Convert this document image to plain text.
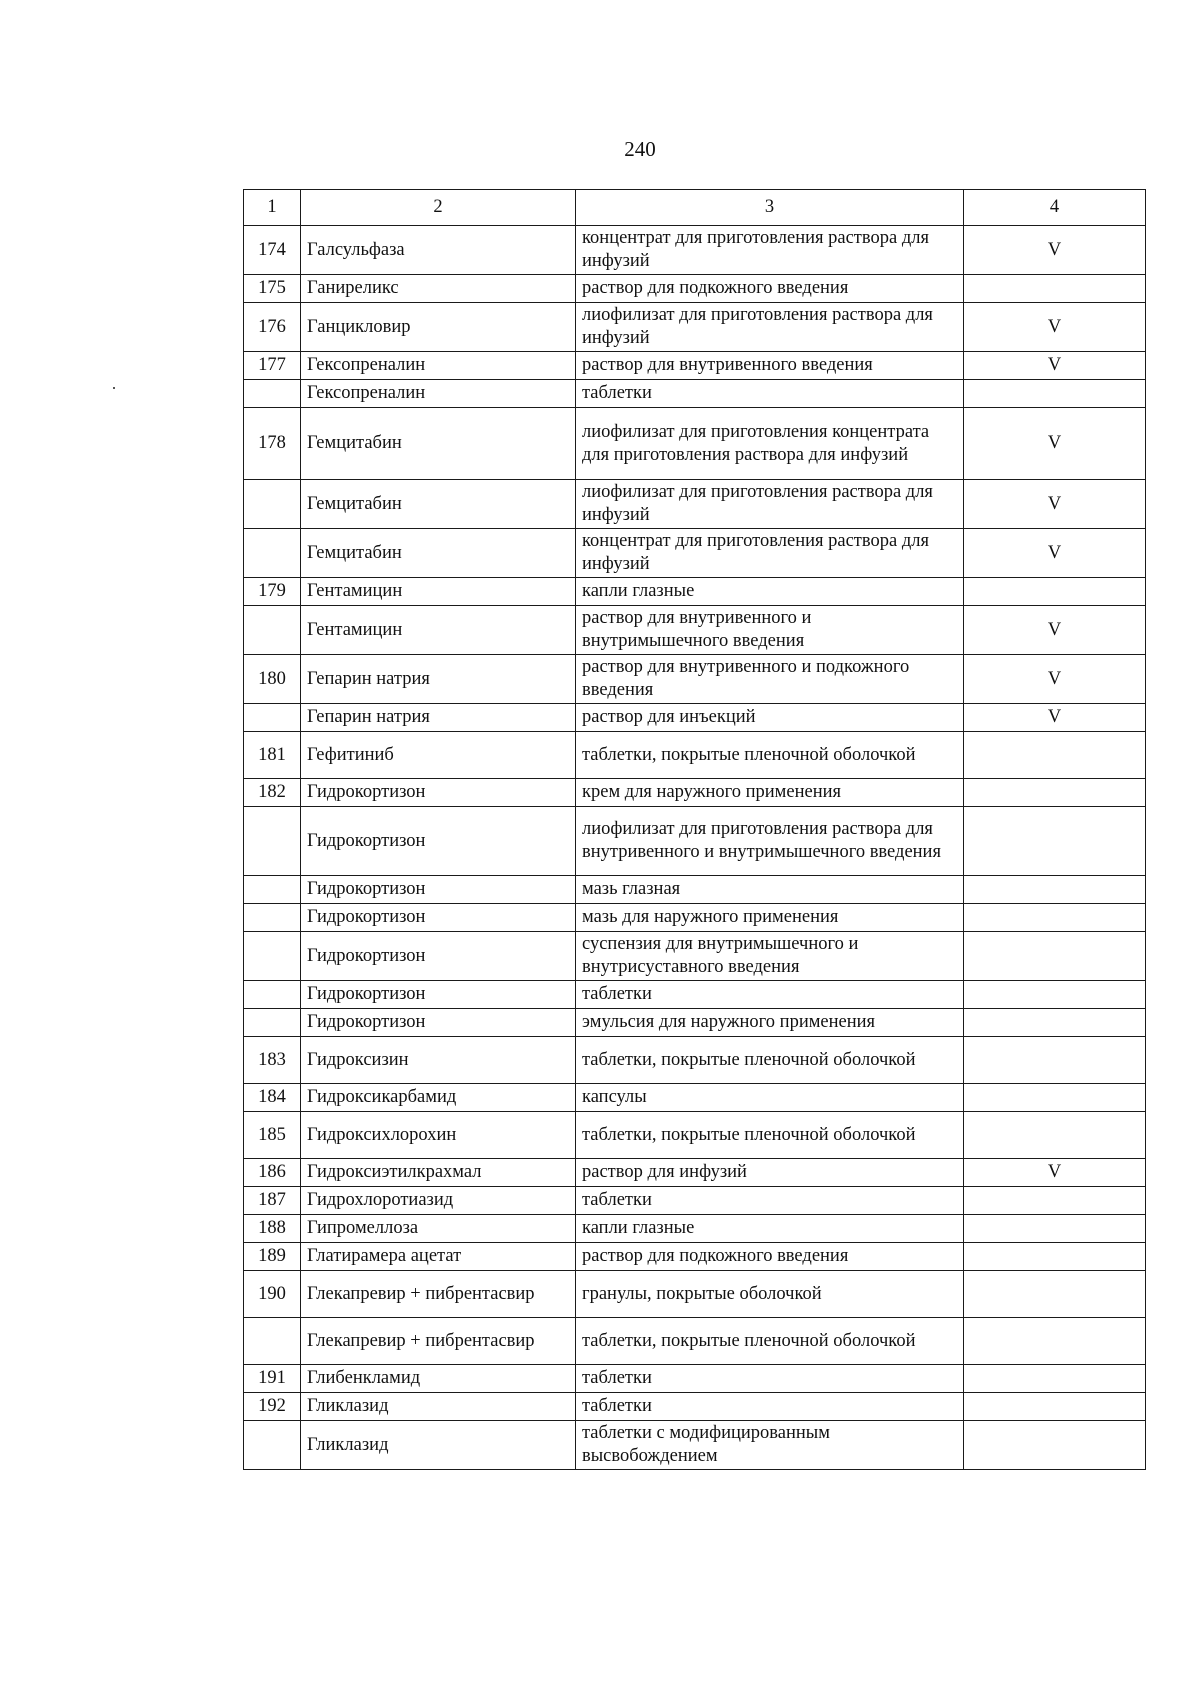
240
1	2	3	4
174	Галсульфаза	концентрат для приготовления раствора для инфузий	V
175	Ганиреликс	раствор для подкожного введения	
176	Ганцикловир	лиофилизат для приготовления раствора для инфузий	V
177	Гексопреналин	раствор для внутривенного введения	V
	Гексопреналин	таблетки	
178	Гемцитабин	лиофилизат для приготовления концентрата для приготовления раствора для инфузий	V
	Гемцитабин	лиофилизат для приготовления раствора для инфузий	V
	Гемцитабин	концентрат для приготовления раствора для инфузий	V
179	Гентамицин	капли глазные	
	Гентамицин	раствор для внутривенного и внутримышечного введения	V
180	Гепарин натрия	раствор для внутривенного и подкожного введения	V
	Гепарин натрия	раствор для инъекций	V
181	Гефитиниб	таблетки, покрытые пленочной оболочкой	
182	Гидрокортизон	крем для наружного применения	
	Гидрокортизон	лиофилизат для приготовления раствора для внутривенного и внутримышечного введения	
	Гидрокортизон	мазь глазная	
	Гидрокортизон	мазь для наружного применения	
	Гидрокортизон	суспензия для внутримышечного и внутрисуставного введения	
	Гидрокортизон	таблетки	
	Гидрокортизон	эмульсия для наружного применения	
183	Гидроксизин	таблетки, покрытые пленочной оболочкой	
184	Гидроксикарбамид	капсулы	
185	Гидроксихлорохин	таблетки, покрытые пленочной оболочкой	
186	Гидроксиэтилкрахмал	раствор для инфузий	V
187	Гидрохлоротиазид	таблетки	
188	Гипромеллоза	капли глазные	
189	Глатирамера ацетат	раствор для подкожного введения	
190	Глекапревир + пибрентасвир	гранулы, покрытые оболочкой	
	Глекапревир + пибрентасвир	таблетки, покрытые пленочной оболочкой	
191	Глибенкламид	таблетки	
192	Гликлазид	таблетки	
	Гликлазид	таблетки с модифицированным высвобождением	
